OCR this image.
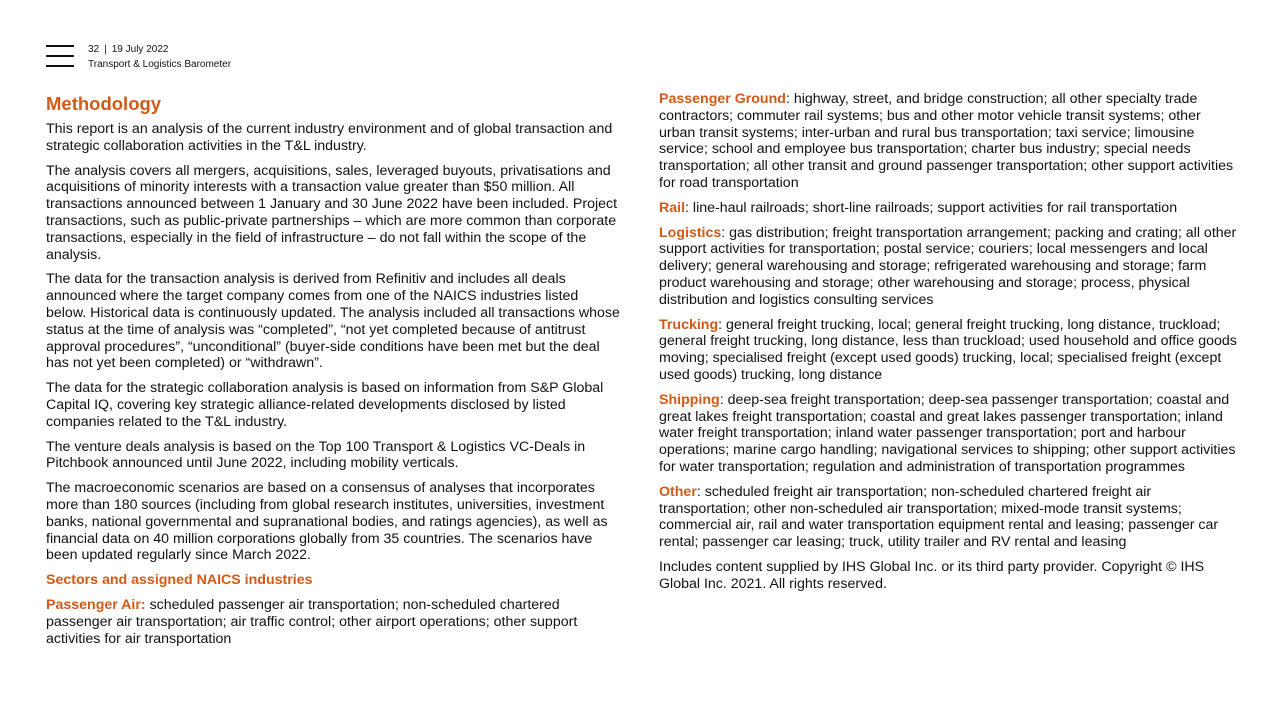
32 | 19 July 2022
Transport & Logistics Barometer
Methodology

This report is an analysis of the current industry environment and of global transaction and strategic collaboration activities in the T&L industry.

The analysis covers all mergers, acquisitions, sales, leveraged buyouts, privatisations and acquisitions of minority interests with a transaction value greater than $50 million. All transactions announced between 1 January and 30 June 2022 have been included. Project transactions, such as public-private partnerships – which are more common than corporate transactions, especially in the field of infrastructure – do not fall within the scope of the analysis.

The data for the transaction analysis is derived from Refinitiv and includes all deals announced where the target company comes from one of the NAICS industries listed below. Historical data is continuously updated. The analysis included all transactions whose status at the time of analysis was “completed”, “not yet completed because of antitrust approval procedures”, “unconditional” (buyer-side conditions have been met but the deal has not yet been completed) or “withdrawn”.

The data for the strategic collaboration analysis is based on information from S&P Global Capital IQ, covering key strategic alliance-related developments disclosed by listed companies related to the T&L industry.

The venture deals analysis is based on the Top 100 Transport & Logistics VC-Deals in Pitchbook announced until June 2022, including mobility verticals.

The macroeconomic scenarios are based on a consensus of analyses that incorporates more than 180 sources (including from global research institutes, universities, investment banks, national governmental and supranational bodies, and ratings agencies), as well as financial data on 40 million corporations globally from 35 countries. The scenarios have been updated regularly since March 2022.

Sectors and assigned NAICS industries

Passenger Air: scheduled passenger air transportation; non-scheduled chartered passenger air transportation; air traffic control; other airport operations; other support activities for air transportation

Passenger Ground: highway, street, and bridge construction; all other specialty trade contractors; commuter rail systems; bus and other motor vehicle transit systems; other urban transit systems; inter-urban and rural bus transportation; taxi service; limousine service; school and employee bus transportation; charter bus industry; special needs transportation; all other transit and ground passenger transportation; other support activities for road transportation

Rail: line-haul railroads; short-line railroads; support activities for rail transportation

Logistics: gas distribution; freight transportation arrangement; packing and crating; all other support activities for transportation; postal service; couriers; local messengers and local delivery; general warehousing and storage; refrigerated warehousing and storage; farm product warehousing and storage; other warehousing and storage; process, physical distribution and logistics consulting services

Trucking: general freight trucking, local; general freight trucking, long distance, truckload; general freight trucking, long distance, less than truckload; used household and office goods moving; specialised freight (except used goods) trucking, local; specialised freight (except used goods) trucking, long distance

Shipping: deep-sea freight transportation; deep-sea passenger transportation; coastal and great lakes freight transportation; coastal and great lakes passenger transportation; inland water freight transportation; inland water passenger transportation; port and harbour operations; marine cargo handling; navigational services to shipping; other support activities for water transportation; regulation and administration of transportation programmes

Other: scheduled freight air transportation; non-scheduled chartered freight air transportation; other non-scheduled air transportation; mixed-mode transit systems; commercial air, rail and water transportation equipment rental and leasing; passenger car rental; passenger car leasing; truck, utility trailer and RV rental and leasing

Includes content supplied by IHS Global Inc. or its third party provider. Copyright © IHS Global Inc. 2021. All rights reserved.
